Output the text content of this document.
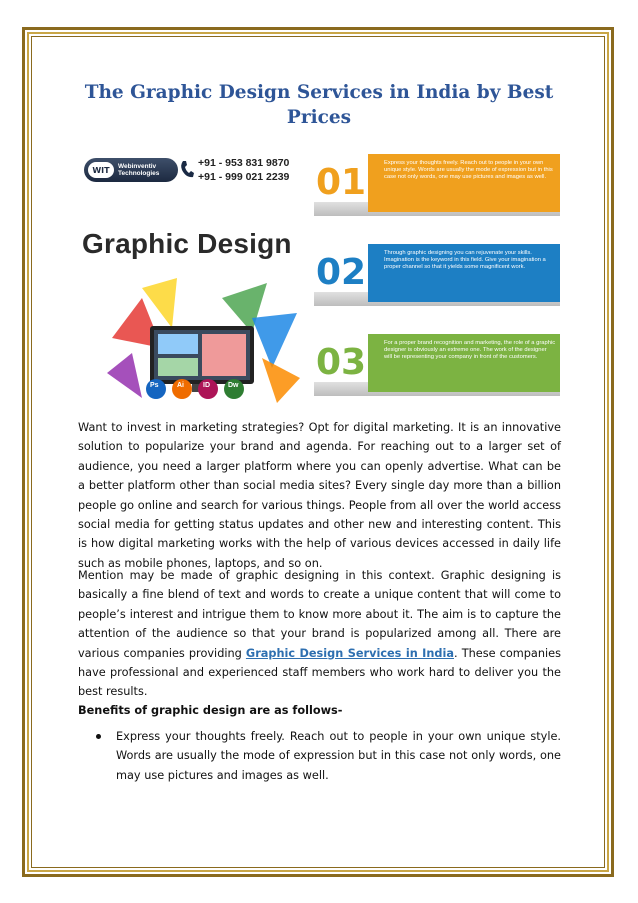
The Graphic Design Services in India by Best Prices
WIT	Webinventiv
Technologies
+91 - 953 831 9870
+91 - 999 021 2239
Graphic Design
Ps	Ai	ID	Dw
01	Express your thoughts freely. Reach out to people in your own unique style. Words are usually the mode of expression but in this case not only words, one may use pictures and images as well.
02	Through graphic designing you can rejuvenate your skills. Imagination is the keyword in this field. Give your imagination a proper channel so that it yields some magnificent work.
03	For a proper brand recognition and marketing, the role of a graphic designer is obviously an extreme one. The work of the designer will be representing your company in front of the customers.

Want to invest in marketing strategies? Opt for digital marketing. It is an innovative solution to popularize your brand and agenda. For reaching out to a larger set of audience, you need a larger platform where you can openly advertise. What can be a better platform other than social media sites? Every single day more than a billion people go online and search for various things. People from all over the world access social media for getting status updates and other new and interesting content. This is how digital marketing works with the help of various devices accessed in daily life such as mobile phones, laptops, and so on.

Mention may be made of graphic designing in this context. Graphic designing is basically a fine blend of text and words to create a unique content that will come to people’s interest and intrigue them to know more about it. The aim is to capture the attention of the audience so that your brand is popularized among all. There are various companies providing Graphic Design Services in India. These companies have professional and experienced staff members who work hard to deliver you the best results.

Benefits of graphic design are as follows-

Express your thoughts freely. Reach out to people in your own unique style. Words are usually the mode of expression but in this case not only words, one may use pictures and images as well.
